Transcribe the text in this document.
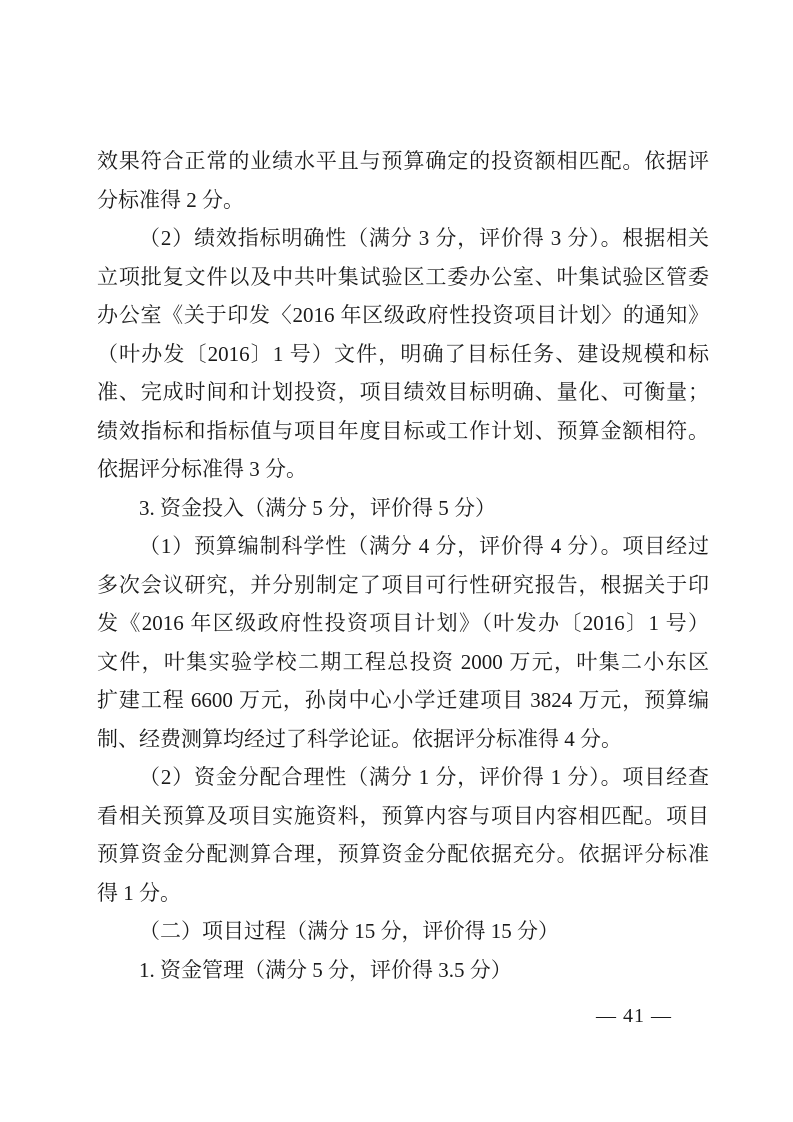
效果符合正常的业绩水平且与预算确定的投资额相匹配。依据评
分标准得 2 分。
（2）绩效指标明确性（满分 3 分，评价得 3 分）。根据相关
立项批复文件以及中共叶集试验区工委办公室、叶集试验区管委
办公室《关于印发〈2016 年区级政府性投资项目计划〉的通知》
（叶办发〔2016〕1 号）文件，明确了目标任务、建设规模和标
准、完成时间和计划投资，项目绩效目标明确、量化、可衡量；
绩效指标和指标值与项目年度目标或工作计划、预算金额相符。
依据评分标准得 3 分。
3. 资金投入（满分 5 分，评价得 5 分）
（1）预算编制科学性（满分 4 分，评价得 4 分）。项目经过
多次会议研究，并分别制定了项目可行性研究报告，根据关于印
发《2016 年区级政府性投资项目计划》（叶发办〔2016〕1 号）
文件，叶集实验学校二期工程总投资 2000 万元，叶集二小东区
扩建工程 6600 万元，孙岗中心小学迁建项目 3824 万元，预算编
制、经费测算均经过了科学论证。依据评分标准得 4 分。
（2）资金分配合理性（满分 1 分，评价得 1 分）。项目经查
看相关预算及项目实施资料，预算内容与项目内容相匹配。项目
预算资金分配测算合理，预算资金分配依据充分。依据评分标准
得 1 分。
（二）项目过程（满分 15 分，评价得 15 分）
1. 资金管理（满分 5 分，评价得 3.5 分）
— 41 —
